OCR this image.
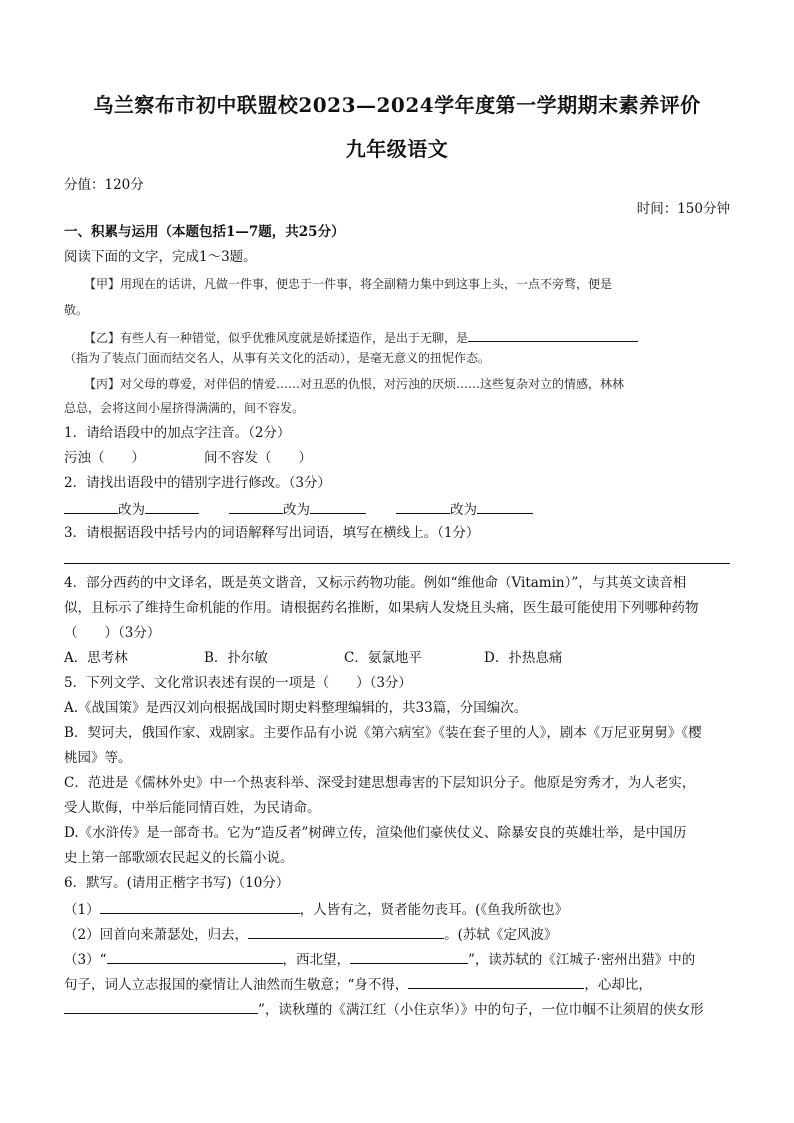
乌兰察布市初中联盟校2023—2024学年度第一学期期末素养评价
九年级语文
分值：120分
时间：150分钟
一、积累与运用（本题包括1—7题，共25分）
阅读下面的文字，完成1～3题。
【甲】用现在的话讲，凡做一件事，便忠于一件事，将全副精力集中到这事上头，一点不旁骛，便是
敬。
【乙】有些人有一种错觉，似乎优雅风度就是娇揉造作，是出于无聊，是
（指为了装点门面而结交名人，从事有关文化的活动），是毫无意义的扭怩作态。
【丙】对父母的尊爱，对伴侣的情爱……对丑恶的仇恨，对污浊的厌烦……这些复杂对立的情感，林林
总总，会将这间小屋挤得满满的，间不容发。
1．请给语段中的加点字注音。（2分）
污浊（　　）	间不容发（　　）
2．请找出语段中的错别字进行修改。（3分）
改为	改为	改为
3．请根据语段中括号内的词语解释写出词语，填写在横线上。（1分）
4．部分西药的中文译名，既是英文谐音，又标示药物功能。例如“维他命（Vitamin）”，与其英文读音相
似，且标示了维持生命机能的作用。请根据药名推断，如果病人发烧且头痛，医生最可能使用下列哪种药物
（　　）（3分）
A．思考林	B．扑尔敏	C．氨氯地平	D．扑热息痛
5．下列文学、文化常识表述有误的一项是（　　）（3分）
A.《战国策》是西汉刘向根据战国时期史料整理编辑的，共33篇，分国编次。
B．契诃夫，俄国作家、戏剧家。主要作品有小说《第六病室》《装在套子里的人》，剧本《万尼亚舅舅》《樱
桃园》等。
C．范进是《儒林外史》中一个热衷科举、深受封建思想毒害的下层知识分子。他原是穷秀才，为人老实，
受人欺侮，中举后能同情百姓，为民请命。
D.《水浒传》是一部奇书。它为“造反者”树碑立传，渲染他们豪侠仗义、除暴安良的英雄壮举，是中国历
史上第一部歌颂农民起义的长篇小说。
6．默写。(请用正楷字书写)（10分）
（1）	，人皆有之，贤者能勿丧耳。(《鱼我所欲也》
（2）回首向来萧瑟处，归去，	。(苏轼《定风波》
（3）“	，西北望，	”，读苏轼的《江城子·密州出猎》中的
句子，词人立志报国的豪情让人油然而生敬意；“身不得，	，心却比，
”，读秋瑾的《满江红（小住京华）》中的句子，一位巾帼不让须眉的侠女形
